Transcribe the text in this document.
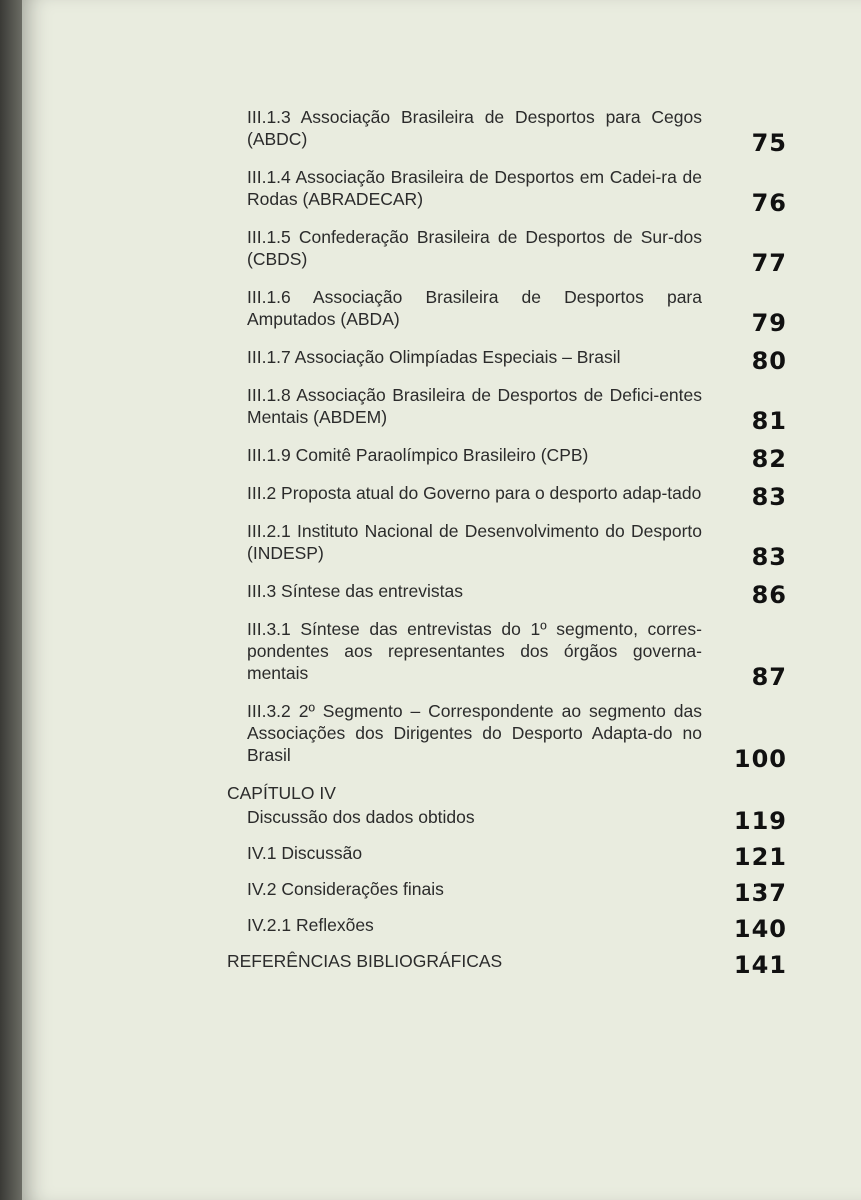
III.1.3 Associação Brasileira de Desportos para Cegos (ABDC)	75
III.1.4 Associação Brasileira de Desportos em Cadei-ra de Rodas (ABRADECAR)	76
III.1.5 Confederação Brasileira de Desportos de Sur-dos (CBDS)	77
III.1.6 Associação Brasileira de Desportos para Amputados (ABDA)	79
III.1.7 Associação Olimpíadas Especiais – Brasil	80
III.1.8 Associação Brasileira de Desportos de Defici-entes Mentais (ABDEM)	81
III.1.9 Comitê Paraolímpico Brasileiro (CPB)	82
III.2 Proposta atual do Governo para o desporto adap-tado 83
III.2.1 Instituto Nacional de Desenvolvimento do Desporto (INDESP)	83
III.3 Síntese das entrevistas	86
III.3.1 Síntese das entrevistas do 1º segmento, corres-pondentes aos representantes dos órgãos governa-mentais	87
III.3.2 2º Segmento – Correspondente ao segmento das Associações dos Dirigentes do Desporto Adapta-do no Brasil	100
CAPÍTULO IV
Discussão dos dados obtidos	119
IV.1 Discussão	121
IV.2 Considerações finais	137
IV.2.1 Reflexões	140
REFERÊNCIAS BIBLIOGRÁFICAS	141
